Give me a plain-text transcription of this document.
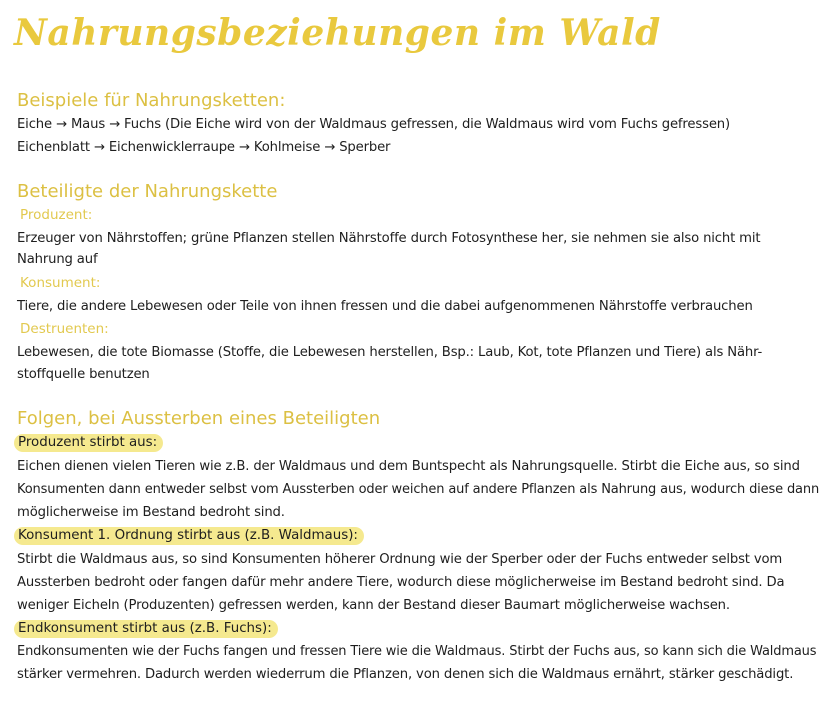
Nahrungsbeziehungen im Wald
Beispiele für Nahrungsketten:
Eiche → Maus → Fuchs (Die Eiche wird von der Waldmaus gefressen, die Waldmaus wird vom Fuchs gefressen)
Eichenblatt → Eichenwicklerraupe → Kohlmeise → Sperber
Beteiligte der Nahrungskette
Produzent:
Erzeuger von Nährstoffen; grüne Pflanzen stellen Nährstoffe durch Fotosynthese her, sie nehmen sie also nicht mit
Nahrung auf
Konsument:
Tiere, die andere Lebewesen oder Teile von ihnen fressen und die dabei aufgenommenen Nährstoffe verbrauchen
Destruenten:
Lebewesen, die tote Biomasse (Stoffe, die Lebewesen herstellen, Bsp.: Laub, Kot, tote Pflanzen und Tiere) als Nähr-
stoffquelle benutzen
Folgen, bei Aussterben eines Beteiligten
Produzent stirbt aus:
Eichen dienen vielen Tieren wie z.B. der Waldmaus und dem Buntspecht als Nahrungsquelle. Stirbt die Eiche aus, so sind
Konsumenten dann entweder selbst vom Aussterben oder weichen auf andere Pflanzen als Nahrung aus, wodurch diese dann
möglicherweise im Bestand bedroht sind.
Konsument 1. Ordnung stirbt aus (z.B. Waldmaus):
Stirbt die Waldmaus aus, so sind Konsumenten höherer Ordnung wie der Sperber oder der Fuchs entweder selbst vom
Aussterben bedroht oder fangen dafür mehr andere Tiere, wodurch diese möglicherweise im Bestand bedroht sind. Da
weniger Eicheln (Produzenten) gefressen werden, kann der Bestand dieser Baumart möglicherweise wachsen.
Endkonsument stirbt aus (z.B. Fuchs):
Endkonsumenten wie der Fuchs fangen und fressen Tiere wie die Waldmaus. Stirbt der Fuchs aus, so kann sich die Waldmaus
stärker vermehren. Dadurch werden wiederrum die Pflanzen, von denen sich die Waldmaus ernährt, stärker geschädigt.
